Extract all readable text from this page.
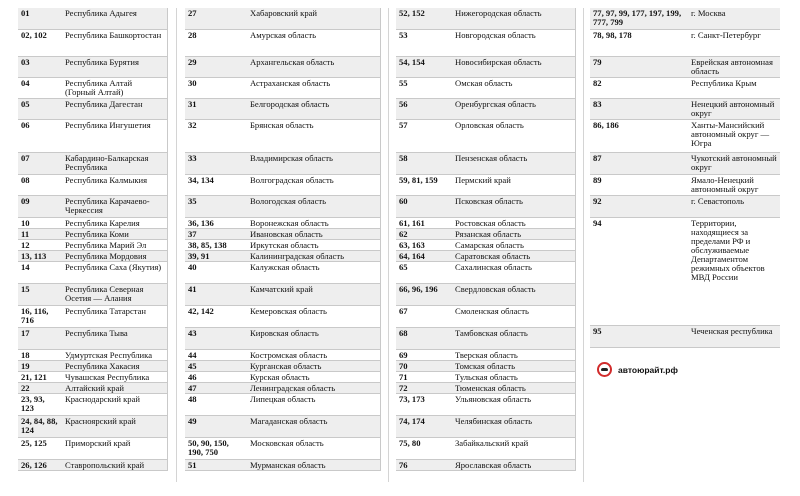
01	Республика Адыгея
02, 102	Республика Башкортостан
03	Республика Бурятия
04	Республика Алтай (Горный Алтай)
05	Республика Дагестан
06	Республика Ингушетия
07	Кабардино-Балкарская Республика
08	Республика Калмыкия
09	Республика Карачаево-Черкессия
10	Республика Карелия
11	Республика Коми
12	Республика Марий Эл
13, 113	Республика Мордовия
14	Республика Саха (Якутия)
15	Республика Северная Осетия — Алания
16, 116, 716	Республика Татарстан
17	Республика Тыва
18	Удмуртская Республика
19	Республика Хакасия
21, 121	Чувашская Республика
22	Алтайский край
23, 93, 123	Краснодарский край
24, 84, 88, 124	Красноярский край
25, 125	Приморский край
26, 126	Ставропольский край
27	Хабаровский край
28	Амурская область
29	Архангельская область
30	Астраханская область
31	Белгородская область
32	Брянская область
33	Владимирская область
34, 134	Волгоградская область
35	Вологодская область
36, 136	Воронежская область
37	Ивановская область
38, 85, 138	Иркутская область
39, 91	Калининградская область
40	Калужская область
41	Камчатский край
42, 142	Кемеровская область
43	Кировская область
44	Костромская область
45	Курганская область
46	Курская область
47	Ленинградская область
48	Липецкая область
49	Магаданская область
50, 90, 150, 190, 750	Московская область
51	Мурманская область
52, 152	Нижегородская область
53	Новгородская область
54, 154	Новосибирская область
55	Омская область
56	Оренбургская область
57	Орловская область
58	Пензенская область
59, 81, 159	Пермский край
60	Псковская область
61, 161	Ростовская область
62	Рязанская область
63, 163	Самарская область
64, 164	Саратовская область
65	Сахалинская область
66, 96, 196	Свердловская область
67	Смоленская область
68	Тамбовская область
69	Тверская область
70	Томская область
71	Тульская область
72	Тюменская область
73, 173	Ульяновская область
74, 174	Челябинская область
75, 80	Забайкальский край
76	Ярославская область
77, 97, 99, 177, 197, 199, 777, 799	г. Москва
78, 98, 178	г. Санкт-Петербург
79	Еврейская автономная область
82	Республика Крым
83	Ненецкий автономный округ
86, 186	Ханты-Мансийский автономный округ — Югра
87	Чукотский автономный округ
89	Ямало-Ненецкий автономный округ
92	г. Севастополь
94	Территории, находящиеся за пределами РФ и обслуживаемые Департаментом режимных объектов МВД России
95	Чеченская республика
автоюрайт.рф
